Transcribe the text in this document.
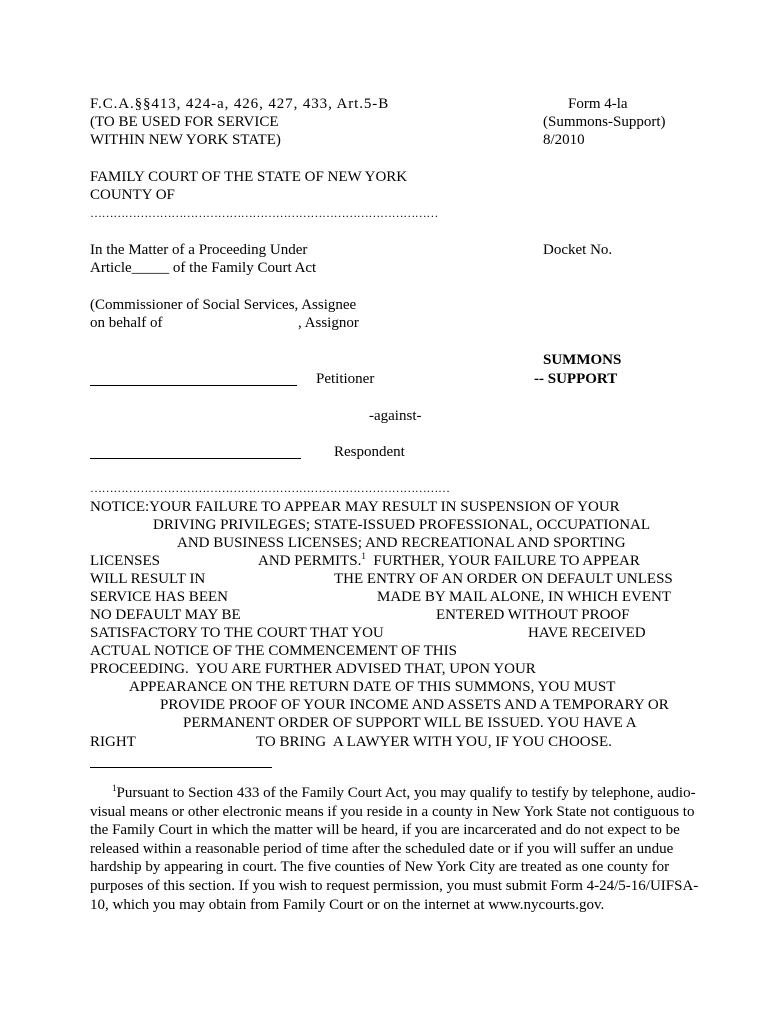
F.C.A.§§413, 424-a, 426, 427, 433, Art.5-B
(TO BE USED FOR SERVICE
WITHIN NEW YORK STATE)
Form 4-la
(Summons-Support)
8/2010
FAMILY COURT OF THE STATE OF NEW YORK
COUNTY OF
………………………………………………………………………………
In the Matter of a Proceeding Under
Article_____ of the Family Court Act
Docket No.
(Commissioner of Social Services, Assignee
on behalf of	, Assignor
SUMMONS
-- SUPPORT
Petitioner
-against-
Respondent
…………………………………………………………………………………
NOTICE:YOUR FAILURE TO APPEAR MAY RESULT IN SUSPENSION OF YOUR
DRIVING PRIVILEGES; STATE-ISSUED PROFESSIONAL, OCCUPATIONAL
AND BUSINESS LICENSES; AND RECREATIONAL AND SPORTING
LICENSES	AND PERMITS.$^1$  FURTHER, YOUR FAILURE TO APPEAR
WILL RESULT IN	THE ENTRY OF AN ORDER ON DEFAULT UNLESS
SERVICE HAS BEEN	MADE BY MAIL ALONE, IN WHICH EVENT
NO DEFAULT MAY BE	ENTERED WITHOUT PROOF
SATISFACTORY TO THE COURT THAT YOU	HAVE RECEIVED
ACTUAL NOTICE OF THE COMMENCEMENT OF THIS
PROCEEDING.  YOU ARE FURTHER ADVISED THAT, UPON YOUR
APPEARANCE ON THE RETURN DATE OF THIS SUMMONS, YOU MUST
PROVIDE PROOF OF YOUR INCOME AND ASSETS AND A TEMPORARY OR
PERMANENT ORDER OF SUPPORT WILL BE ISSUED. YOU HAVE A
RIGHT	TO BRING  A LAWYER WITH YOU, IF YOU CHOOSE.
$^1$Pursuant to Section 433 of the Family Court Act, you may qualify to testify by telephone, audio-visual means or other electronic means if you reside in a county in New York State not contiguous to the Family Court in which the matter will be heard, if you are incarcerated and do not expect to be released within a reasonable period of time after the scheduled date or if you will suffer an undue hardship by appearing in court. The five counties of New York City are treated as one county for purposes of this section. If you wish to request permission, you must submit Form 4-24/5-16/UIFSA-10, which you may obtain from Family Court or on the internet at www.nycourts.gov.
